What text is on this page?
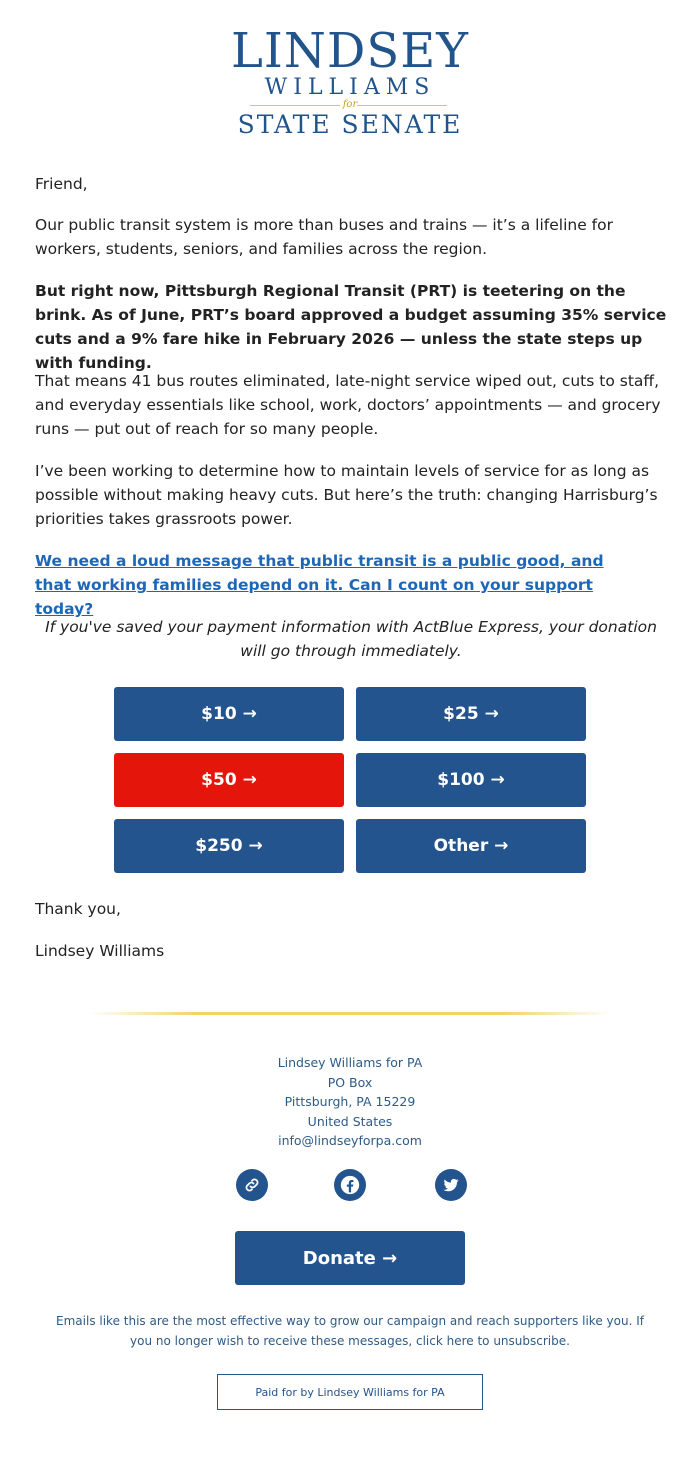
LINDSEY
WILLIAMS
for
STATE SENATE

Friend,

Our public transit system is more than buses and trains — it’s a lifeline for workers, students, seniors, and families across the region.

But right now, Pittsburgh Regional Transit (PRT) is teetering on the brink. As of June, PRT’s board approved a budget assuming 35% service cuts and a 9% fare hike in February 2026 — unless the state steps up with funding.

That means 41 bus routes eliminated, late-night service wiped out, cuts to staff, and everyday essentials like school, work, doctors’ appointments — and grocery runs — put out of reach for so many people.

I’ve been working to determine how to maintain levels of service for as long as possible without making heavy cuts. But here’s the truth: changing Harrisburg’s priorities takes grassroots power.

We need a loud message that public transit is a public good, and that working families depend on it. Can I count on your support today?

If you've saved your payment information with ActBlue Express, your donation will go through immediately.

Thank you,

Lindsey Williams

$10 →	$25 →
$50 →	$100 →
$250 →	Other →
Lindsey Williams for PA
PO Box
Pittsburgh, PA 15229
United States
info@lindseyforpa.com
Donate →
Emails like this are the most effective way to grow our campaign and reach supporters like you. If you no longer wish to receive these messages, click here to unsubscribe.
Paid for by Lindsey Williams for PA
